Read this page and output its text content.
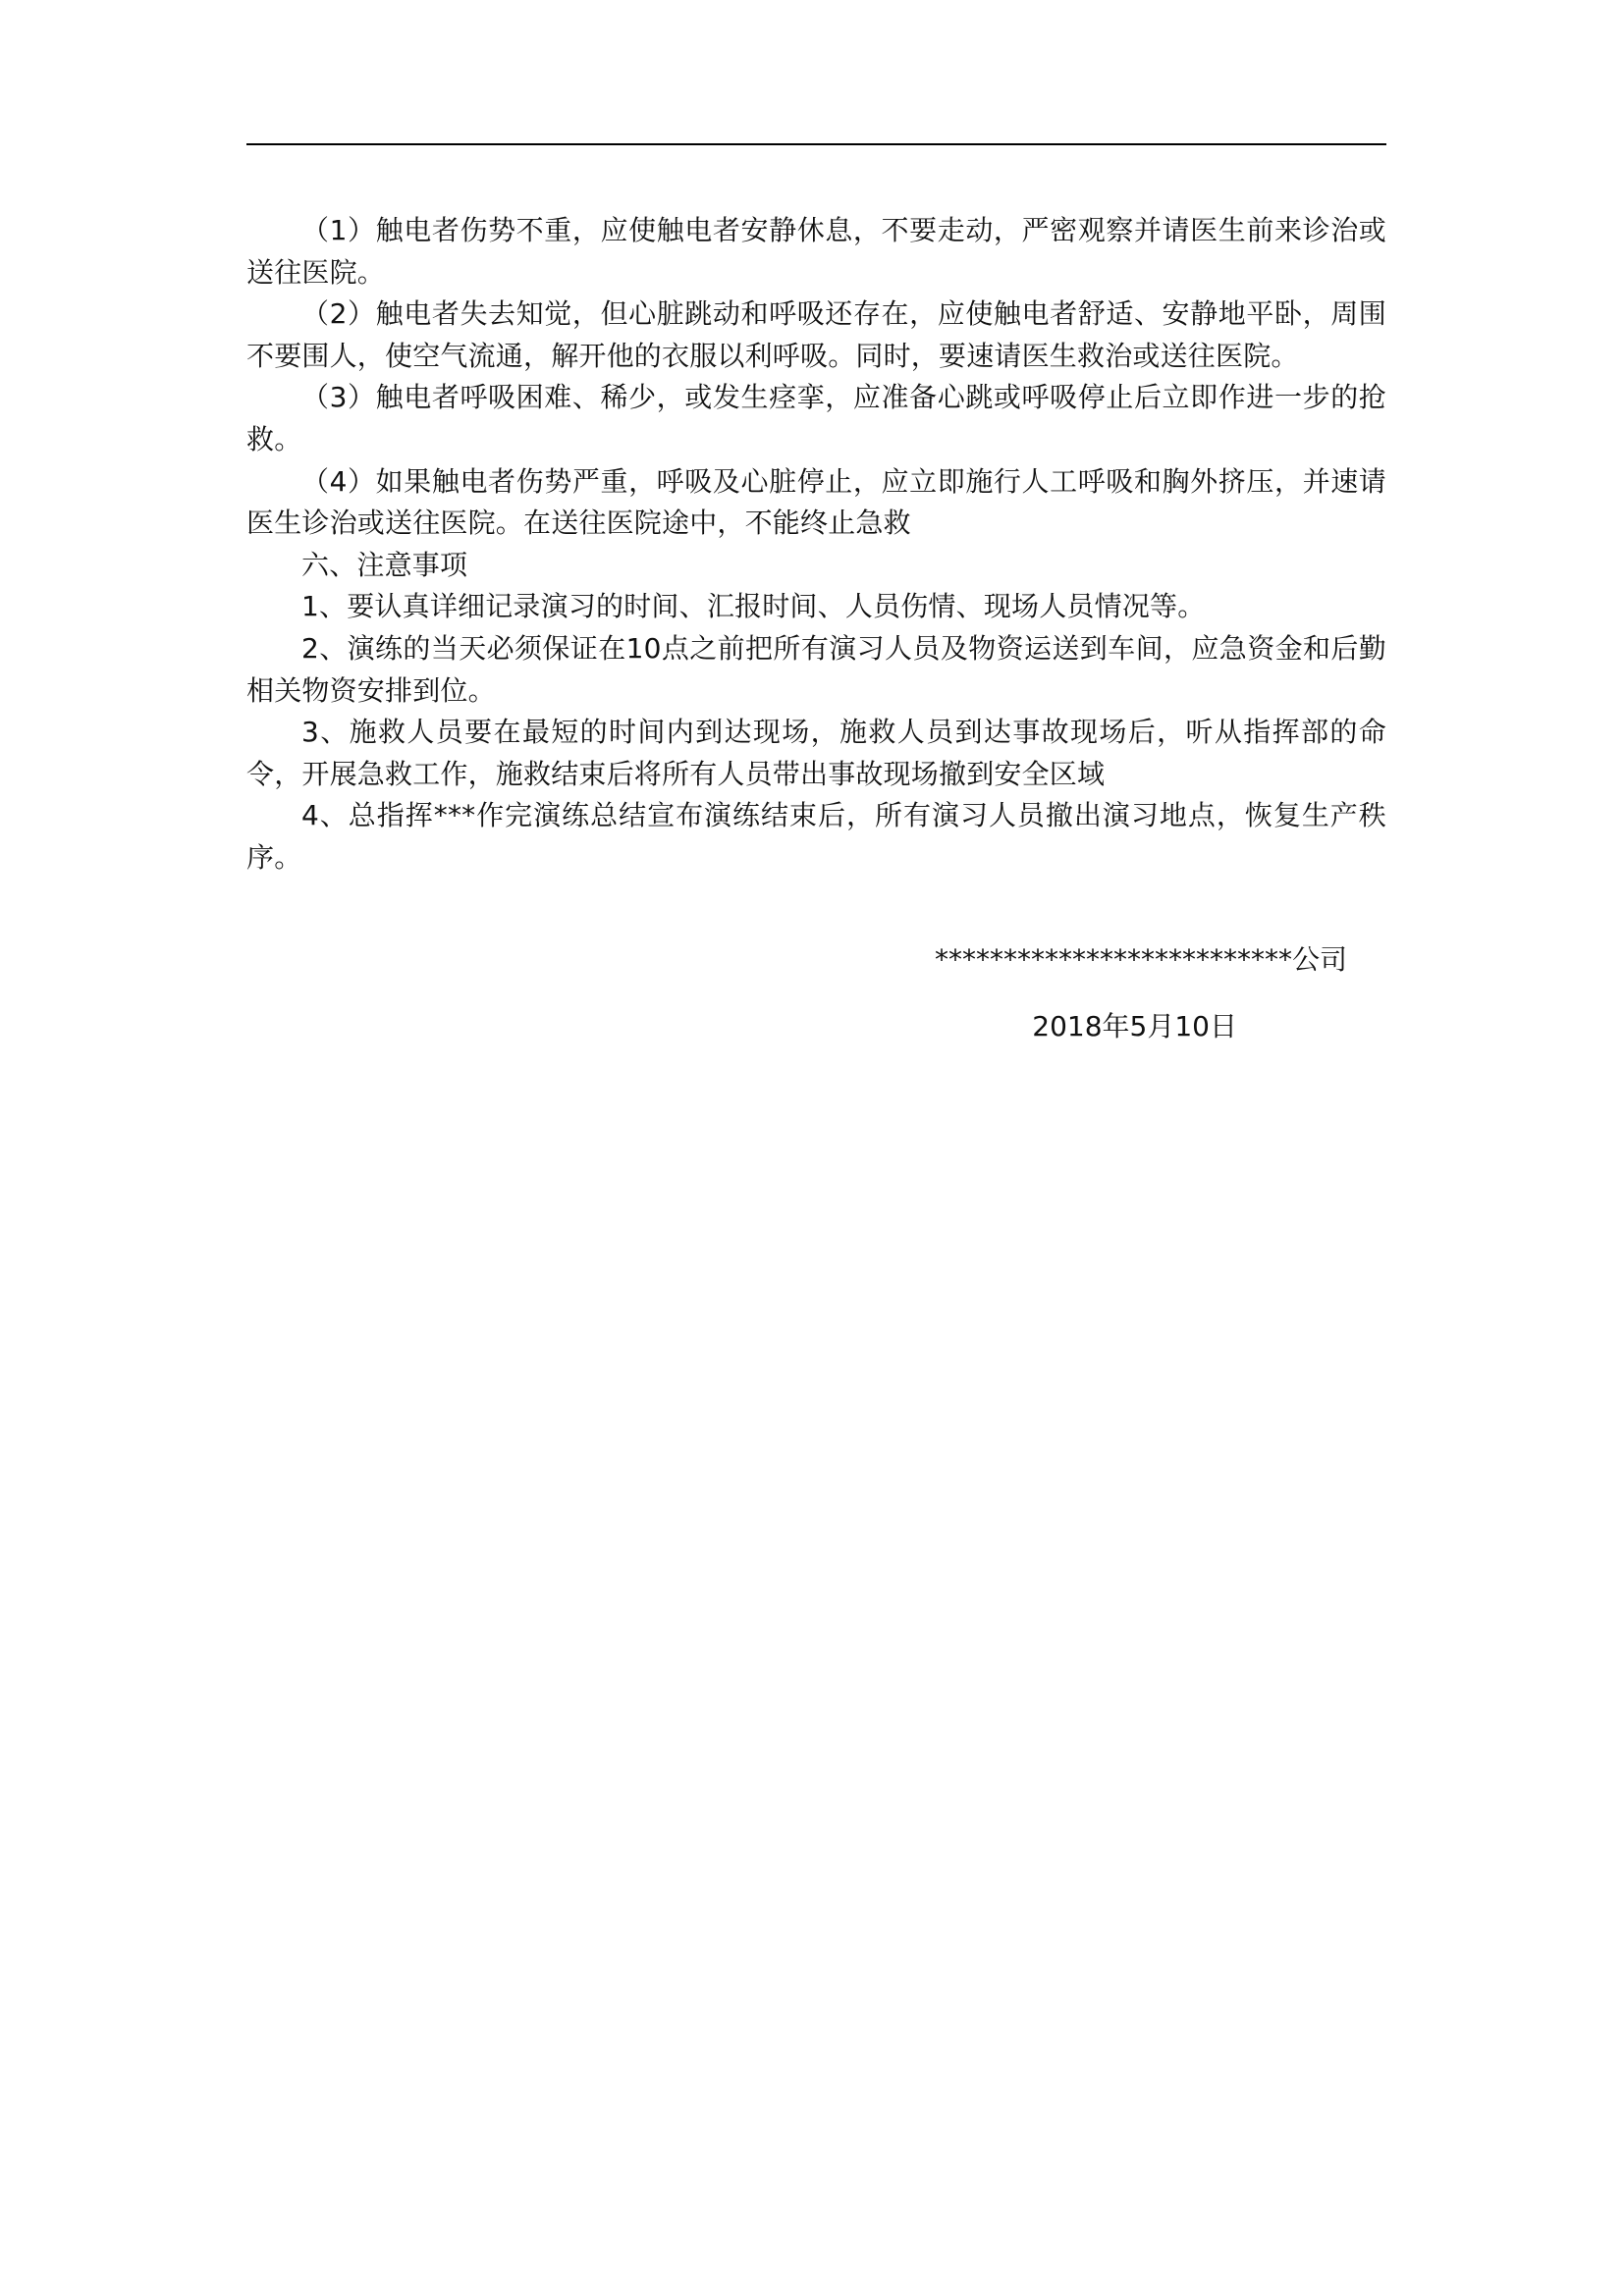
（1）触电者伤势不重，应使触电者安静休息，不要走动，严密观察并请医生前来诊治或送往医院。

（2）触电者失去知觉，但心脏跳动和呼吸还存在，应使触电者舒适、安静地平卧，周围不要围人，使空气流通，解开他的衣服以利呼吸。同时，要速请医生救治或送往医院。

（3）触电者呼吸困难、稀少，或发生痉挛，应准备心跳或呼吸停止后立即作进一步的抢救。

（4）如果触电者伤势严重，呼吸及心脏停止，应立即施行人工呼吸和胸外挤压，并速请医生诊治或送往医院。在送往医院途中，不能终止急救

六、注意事项

1、要认真详细记录演习的时间、汇报时间、人员伤情、现场人员情况等。

2、演练的当天必须保证在10点之前把所有演习人员及物资运送到车间，应急资金和后勤相关物资安排到位。

3、施救人员要在最短的时间内到达现场，施救人员到达事故现场后，听从指挥部的命令，开展急救工作，施救结束后将所有人员带出事故现场撤到安全区域

4、总指挥***作完演练总结宣布演练结束后，所有演习人员撤出演习地点，恢复生产秩序。

**************************公司
2018年5月10日
